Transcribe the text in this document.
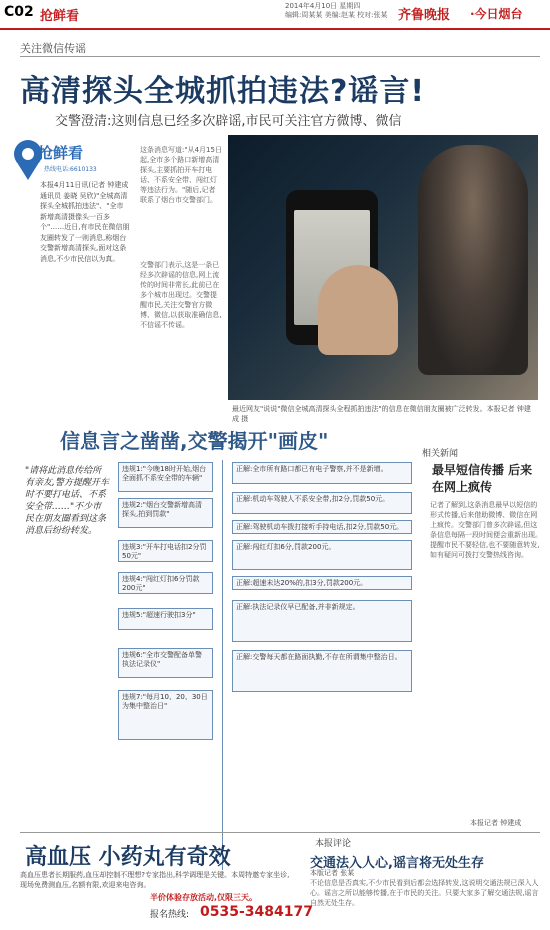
C02 抢鲜看
2014年4月10日 星期四
编辑:周某某 美编:赵某 校对:张某 齐鲁晚报 ·今日烟台
关注微信传谣
高清探头全城抓拍违法?谣言!
交警澄清:这则信息已经多次辟谣,市民可关注官方微博、微信
抢鲜看
热线电话:6610133
本报4月11日讯(记者 钟建成 通讯员 姜晓 吴欣)"全城高清探头全城抓拍违法"、"全市新增高清摄像头一百多个"……近日,有市民在微信朋友圈转发了一则消息,称烟台交警新增高清探头,面对这条消息,不少市民信以为真。
这条消息写道:"从4月15日起,全市多个路口新增高清探头,主要抓拍开车打电话、不系安全带、闯红灯等违法行为。"随后,记者联系了烟台市交警部门。
交警部门表示,这是一条已经多次辟谣的信息,网上流传的时间非常长,此前已在多个城市出现过。交警提醒市民,关注交警官方微博、微信,以获取准确信息,不信谣不传谣。
最近网友"说说"微信全城高清探头全程抓拍违法"的信息在微信朋友圈被广泛转发。本报记者 钟建成 摄
信息言之凿凿,交警揭开"画皮"
"请将此消息传给所有亲友,警方提醒开车时不要打电话、不系安全带……"不少市民在朋友圈看到这条消息后纷纷转发。
违规1:"今晚18时开始,烟台全面抓不系安全带的车辆"
违规2:"烟台交警新增高清探头,拍到罚款"
违规3:"开车打电话扣2分罚50元"
违规4:"闯红灯扣6分罚款200元"
违规5:"超速行驶扣3分"
违规6:"全市交警配备单警执法记录仪"
违规7:"每月10、20、30日为集中整治日"
正解:全市所有路口都已有电子警察,并不是新增。
正解:机动车驾驶人不系安全带,扣2分,罚款50元。
正解:驾驶机动车拨打接听手持电话,扣2分,罚款50元。
正解:闯红灯扣6分,罚款200元。
正解:超速未达20%的,扣3分,罚款200元。
正解:执法记录仪早已配备,并非新规定。
正解:交警每天都在路面执勤,不存在所谓集中整治日。
相关新闻
最早短信传播 后来在网上疯传
记者了解到,这条消息最早以短信的形式传播,后来借助微博、微信在网上疯传。交警部门曾多次辟谣,但这条信息每隔一段时间便会重新出现。提醒市民不要轻信,也不要随意转发,如有疑问可拨打交警热线咨询。
本报记者 钟建成
高血压 小药丸有奇效
高血压患者长期服药,血压却控制不理想?专家指出,科学调理是关键。本周特邀专家坐诊,现场免费测血压,名额有限,欢迎来电咨询。
半价体验存放活动,仅限三天。
报名热线: 0535-3484177
本报评论
交通法入人心,谣言将无处生存
本版记者 张某
不论信息是否真实,不少市民看到后都会选择转发,这说明交通法规已深入人心。谣言之所以能够传播,在于市民的关注。只要大家多了解交通法规,谣言自然无处生存。
